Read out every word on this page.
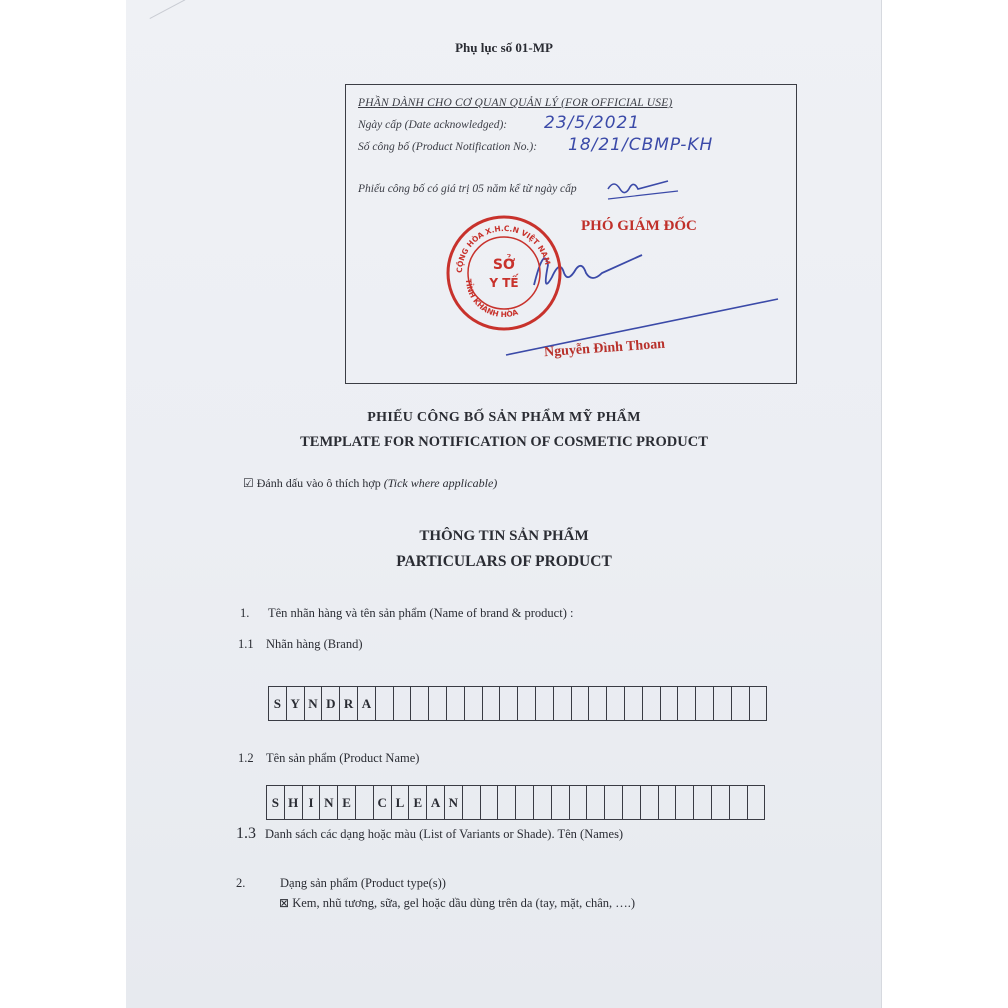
Phụ lục số 01-MP
PHẦN DÀNH CHO CƠ QUAN QUẢN LÝ (FOR OFFICIAL USE)
Ngày cấp (Date acknowledged): 23/5/2021
Số công bố (Product Notification No.): 18/21/CBMP-KH
Phiếu công bố có giá trị 05 năm kể từ ngày cấp
CỘNG HÒA X.H.C.N VIỆT NAM
TỈNH KHÁNH HÒA
SỞ
Y TẾ
PHÓ GIÁM ĐỐC
Nguyễn Đình Thoan
PHIẾU CÔNG BỐ SẢN PHẨM MỸ PHẨM
TEMPLATE FOR NOTIFICATION OF COSMETIC PRODUCT
☑ Đánh dấu vào ô thích hợp (Tick where applicable)
THÔNG TIN SẢN PHẨM
PARTICULARS OF PRODUCT
1. Tên nhãn hàng và tên sản phẩm (Name of brand & product) :
1.1 Nhãn hàng (Brand)
S Y N D R A
1.2 Tên sản phẩm (Product Name)
S H I N E	C L E A N
1.3 Danh sách các dạng hoặc màu (List of Variants or Shade). Tên (Names)
2.	Dạng sản phẩm (Product type(s))
⊠ Kem, nhũ tương, sữa, gel hoặc dầu dùng trên da (tay, mặt, chân, ….)
